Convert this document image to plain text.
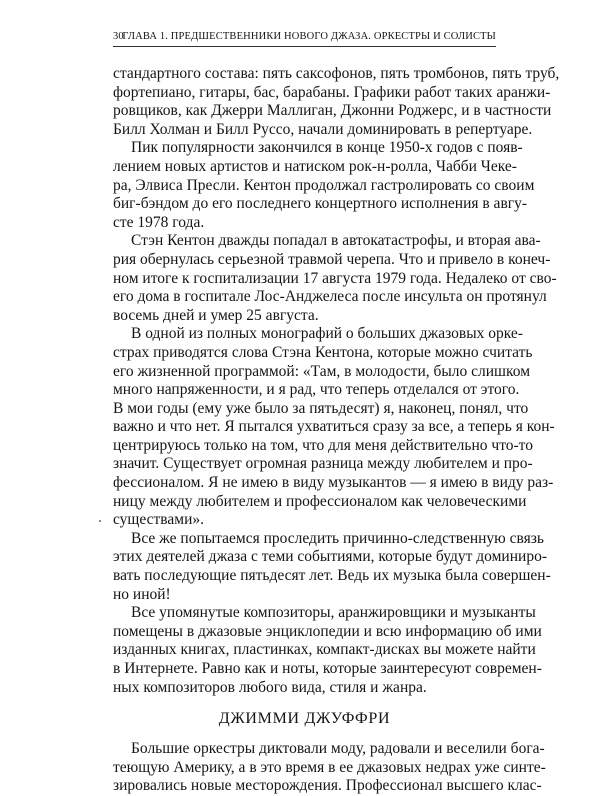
30
ГЛАВА 1. ПРЕДШЕСТВЕННИКИ НОВОГО ДЖАЗА. ОРКЕСТРЫ И СОЛИСТЫ
стандартного состава: пять саксофонов, пять тромбонов, пять труб,
фортепиано, гитары, бас, барабаны. Графики работ таких аранжи-
ровщиков, как Джерри Маллиган, Джонни Роджерс, и в частности
Билл Холман и Билл Руссо, начали доминировать в репертуаре.
Пик популярности закончился в конце 1950-х годов с появ-
лением новых артистов и натиском рок-н-ролла, Чабби Чеке-
ра, Элвиса Пресли. Кентон продолжал гастролировать со своим
биг-бэндом до его последнего концертного исполнения в авгу-
сте 1978 года.
Стэн Кентон дважды попадал в автокатастрофы, и вторая ава-
рия обернулась серьезной травмой черепа. Что и привело в конеч-
ном итоге к госпитализации 17 августа 1979 года. Недалеко от сво-
его дома в госпитале Лос-Анджелеса после инсульта он протянул
восемь дней и умер 25 августа.
В одной из полных монографий о больших джазовых орке-
страх приводятся слова Стэна Кентона, которые можно считать
его жизненной программой: «Там, в молодости, было слишком
много напряженности, и я рад, что теперь отделался от этого.
В мои годы (ему уже было за пятьдесят) я, наконец, понял, что
важно и что нет. Я пытался ухватиться сразу за все, а теперь я кон-
центрируюсь только на том, что для меня действительно что-то
значит. Существует огромная разница между любителем и про-
фессионалом. Я не имею в виду музыкантов — я имею в виду раз-
ницу между любителем и профессионалом как человеческими
существами».
Все же попытаемся проследить причинно-следственную связь
этих деятелей джаза с теми событиями, которые будут доминиро-
вать последующие пятьдесят лет. Ведь их музыка была совершен-
но иной!
Все упомянутые композиторы, аранжировщики и музыканты
помещены в джазовые энциклопедии и всю информацию об ими
изданных книгах, пластинках, компакт-дисках вы можете найти
в Интернете. Равно как и ноты, которые заинтересуют современ-
ных композиторов любого вида, стиля и жанра.
ДЖИММИ ДЖУФФРИ
Большие оркестры диктовали моду, радовали и веселили бога-
теющую Америку, а в это время в ее джазовых недрах уже синте-
зировались новые месторождения. Профессионал высшего клас-
